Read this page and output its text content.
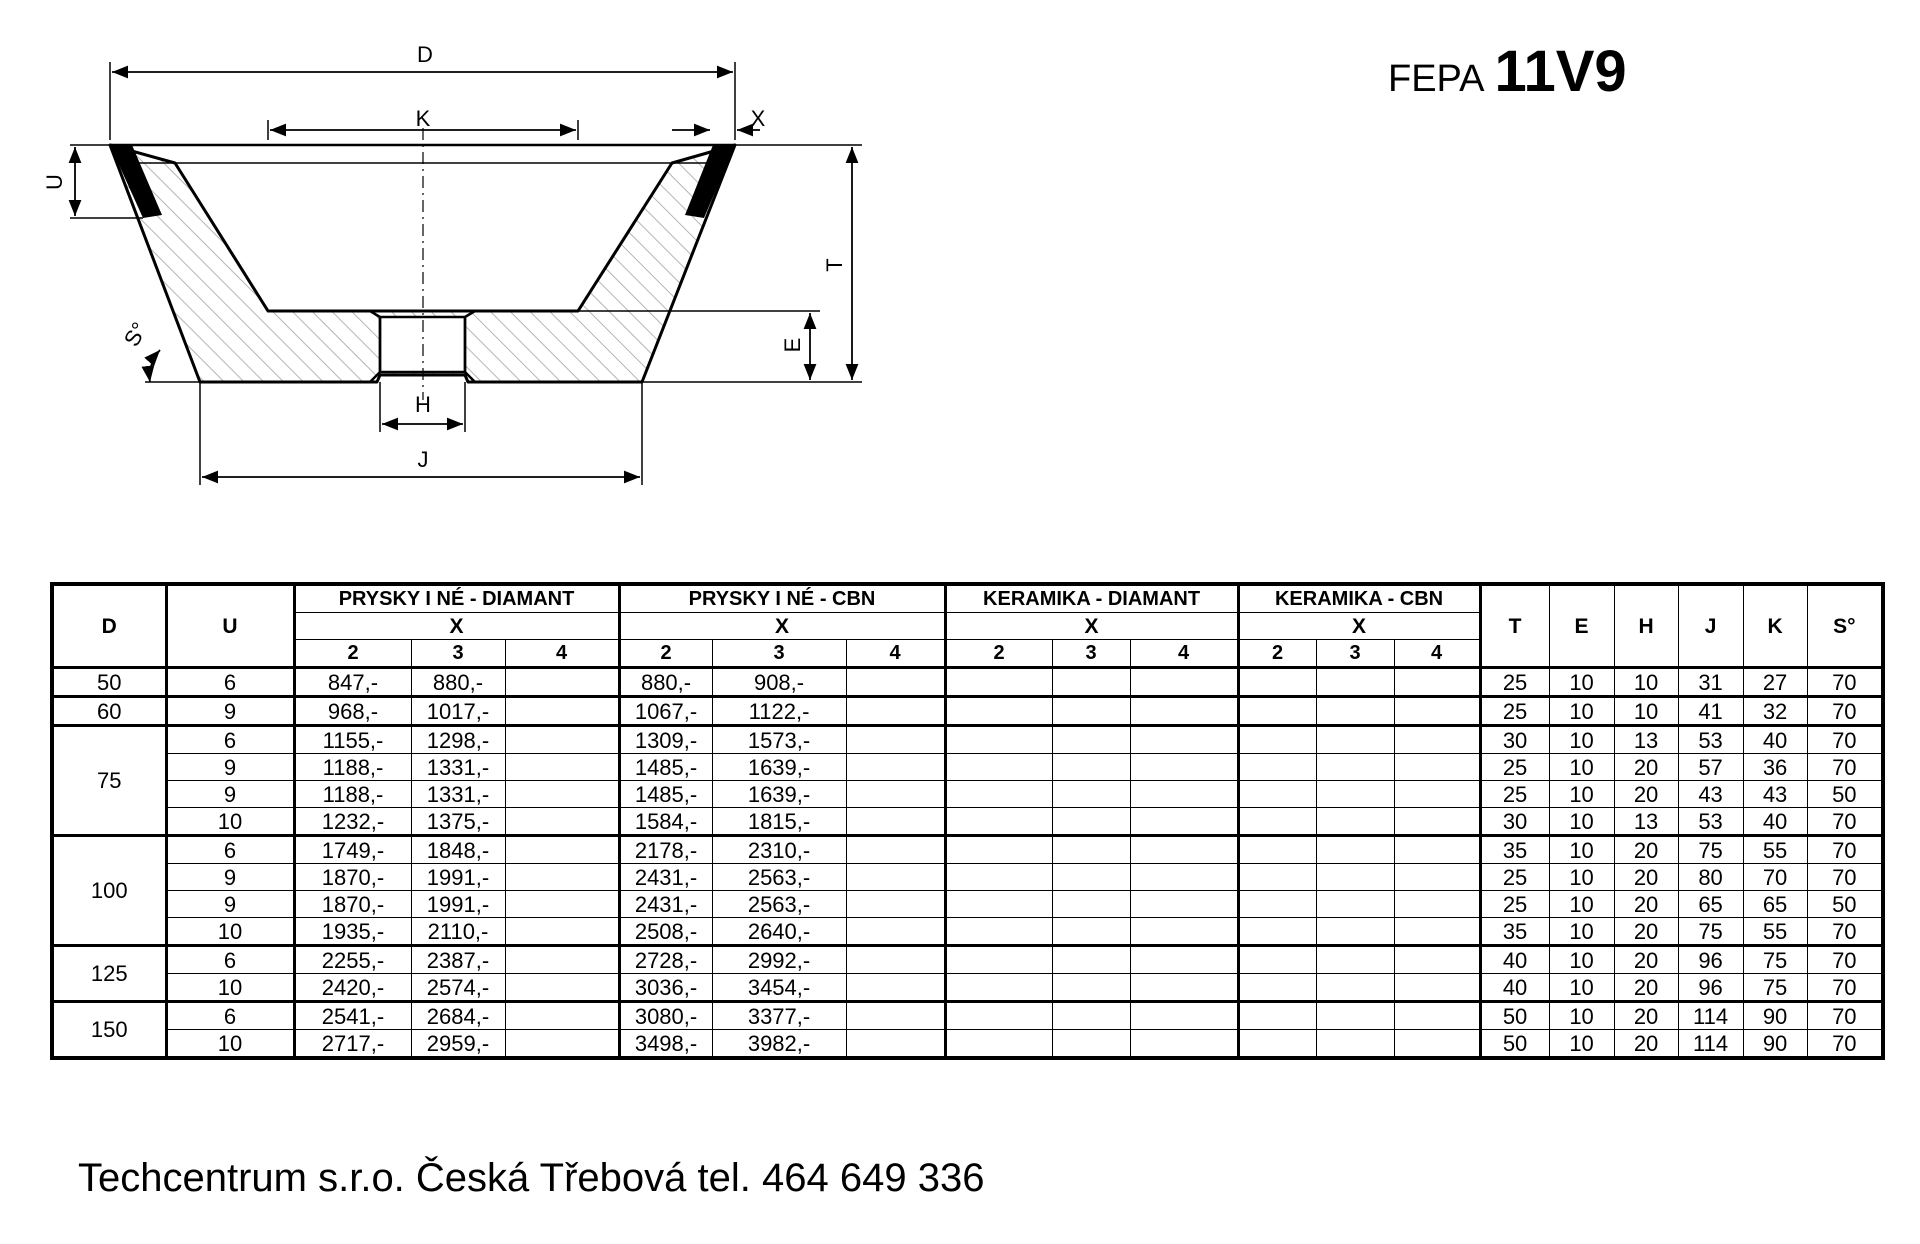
D
K	X
U
T
E
S°
H
J
FEPA 11V9
D	U	PRYSKY I NÉ - DIAMANT			PRYSKY I NÉ - CBN			KERAMIKA - DIAMANT			KERAMIKA - CBN			T	E	H	J	K	S°
		X			X			X			X								
		2	3	4	2	3	4	2	3	4	2	3	4						
50	6	847,-	880,-		880,-	908,-								25	10	10	31	27	70
60	9	968,-	1017,-		1067,-	1122,-								25	10	10	41	32	70
75	6	1155,-	1298,-		1309,-	1573,-								30	10	13	53	40	70
	9	1188,-	1331,-		1485,-	1639,-								25	10	20	57	36	70
	9	1188,-	1331,-		1485,-	1639,-								25	10	20	43	43	50
	10	1232,-	1375,-		1584,-	1815,-								30	10	13	53	40	70
100	6	1749,-	1848,-		2178,-	2310,-								35	10	20	75	55	70
	9	1870,-	1991,-		2431,-	2563,-								25	10	20	80	70	70
	9	1870,-	1991,-		2431,-	2563,-								25	10	20	65	65	50
	10	1935,-	2110,-		2508,-	2640,-								35	10	20	75	55	70
125	6	2255,-	2387,-		2728,-	2992,-								40	10	20	96	75	70
	10	2420,-	2574,-		3036,-	3454,-								40	10	20	96	75	70
150	6	2541,-	2684,-		3080,-	3377,-								50	10	20	114	90	70
	10	2717,-	2959,-		3498,-	3982,-								50	10	20	114	90	70
Techcentrum s.r.o. Česká Třebová tel. 464 649 336
